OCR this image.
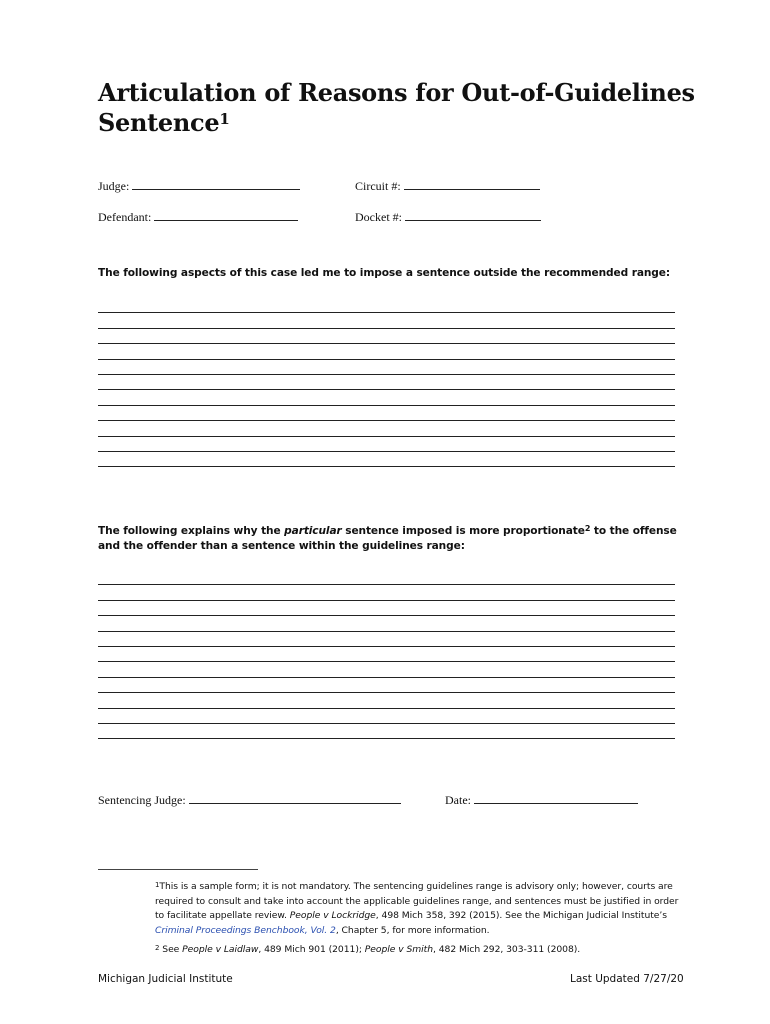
Articulation of Reasons for Out-of-Guidelines Sentence$^1$
Judge:	Circuit #:
Defendant:	Docket #:
The following aspects of this case led me to impose a sentence outside the recommended range:
The following explains why the particular sentence imposed is more proportionate$^2$ to the offense and the offender than a sentence within the guidelines range:
Sentencing Judge:	Date:
$^1$This is a sample form; it is not mandatory. The sentencing guidelines range is advisory only; however, courts are required to consult and take into account the applicable guidelines range, and sentences must be justified in order to facilitate appellate review. People v Lockridge, 498 Mich 358, 392 (2015). See the Michigan Judicial Institute’s Criminal Proceedings Benchbook, Vol. 2, Chapter 5, for more information.
$^2$ See People v Laidlaw, 489 Mich 901 (2011); People v Smith, 482 Mich 292, 303-311 (2008).
Michigan Judicial Institute	Last Updated 7/27/20
